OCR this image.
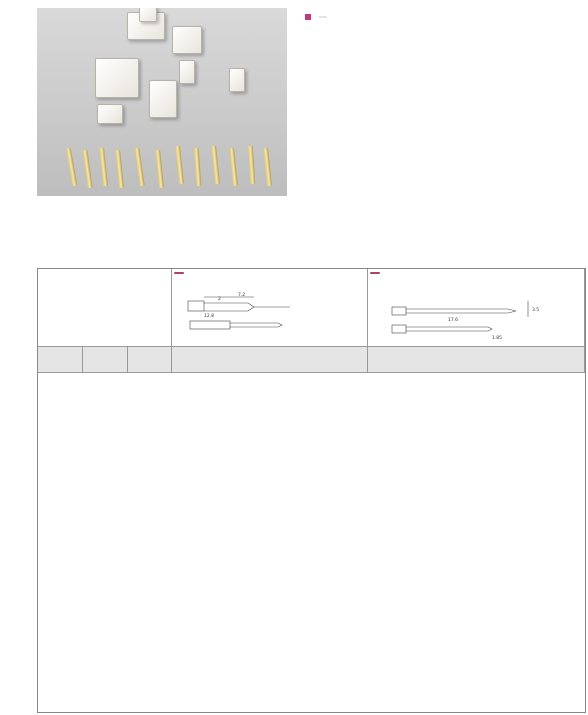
7.2
2
12.8
17.6
3.5
1.85
